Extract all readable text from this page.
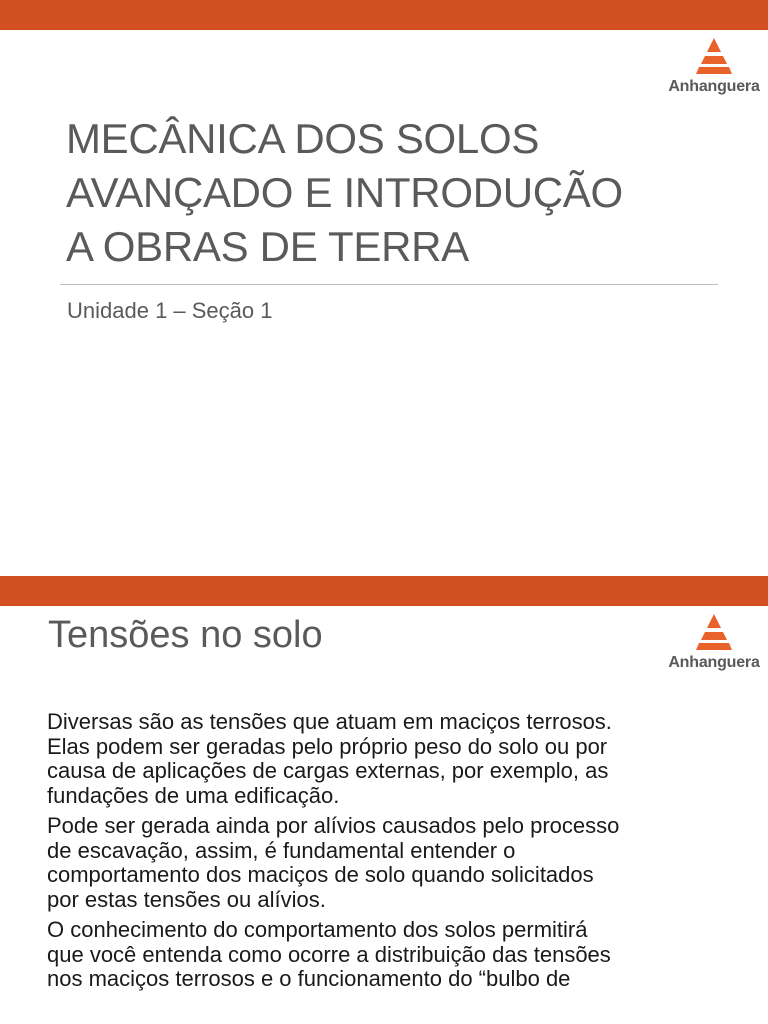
Anhanguera
MECÂNICA DOS SOLOS
AVANÇADO E INTRODUÇÃO
A OBRAS DE TERRA
Unidade 1 – Seção 1
Anhanguera
Tensões no solo

Diversas são as tensões que atuam em maciços terrosos.
Elas podem ser geradas pelo próprio peso do solo ou por
causa de aplicações de cargas externas, por exemplo, as
fundações de uma edificação.

Pode ser gerada ainda por alívios causados pelo processo
de escavação, assim, é fundamental entender o
comportamento dos maciços de solo quando solicitados
por estas tensões ou alívios.

O conhecimento do comportamento dos solos permitirá
que você entenda como ocorre a distribuição das tensões
nos maciços terrosos e o funcionamento do “bulbo de
